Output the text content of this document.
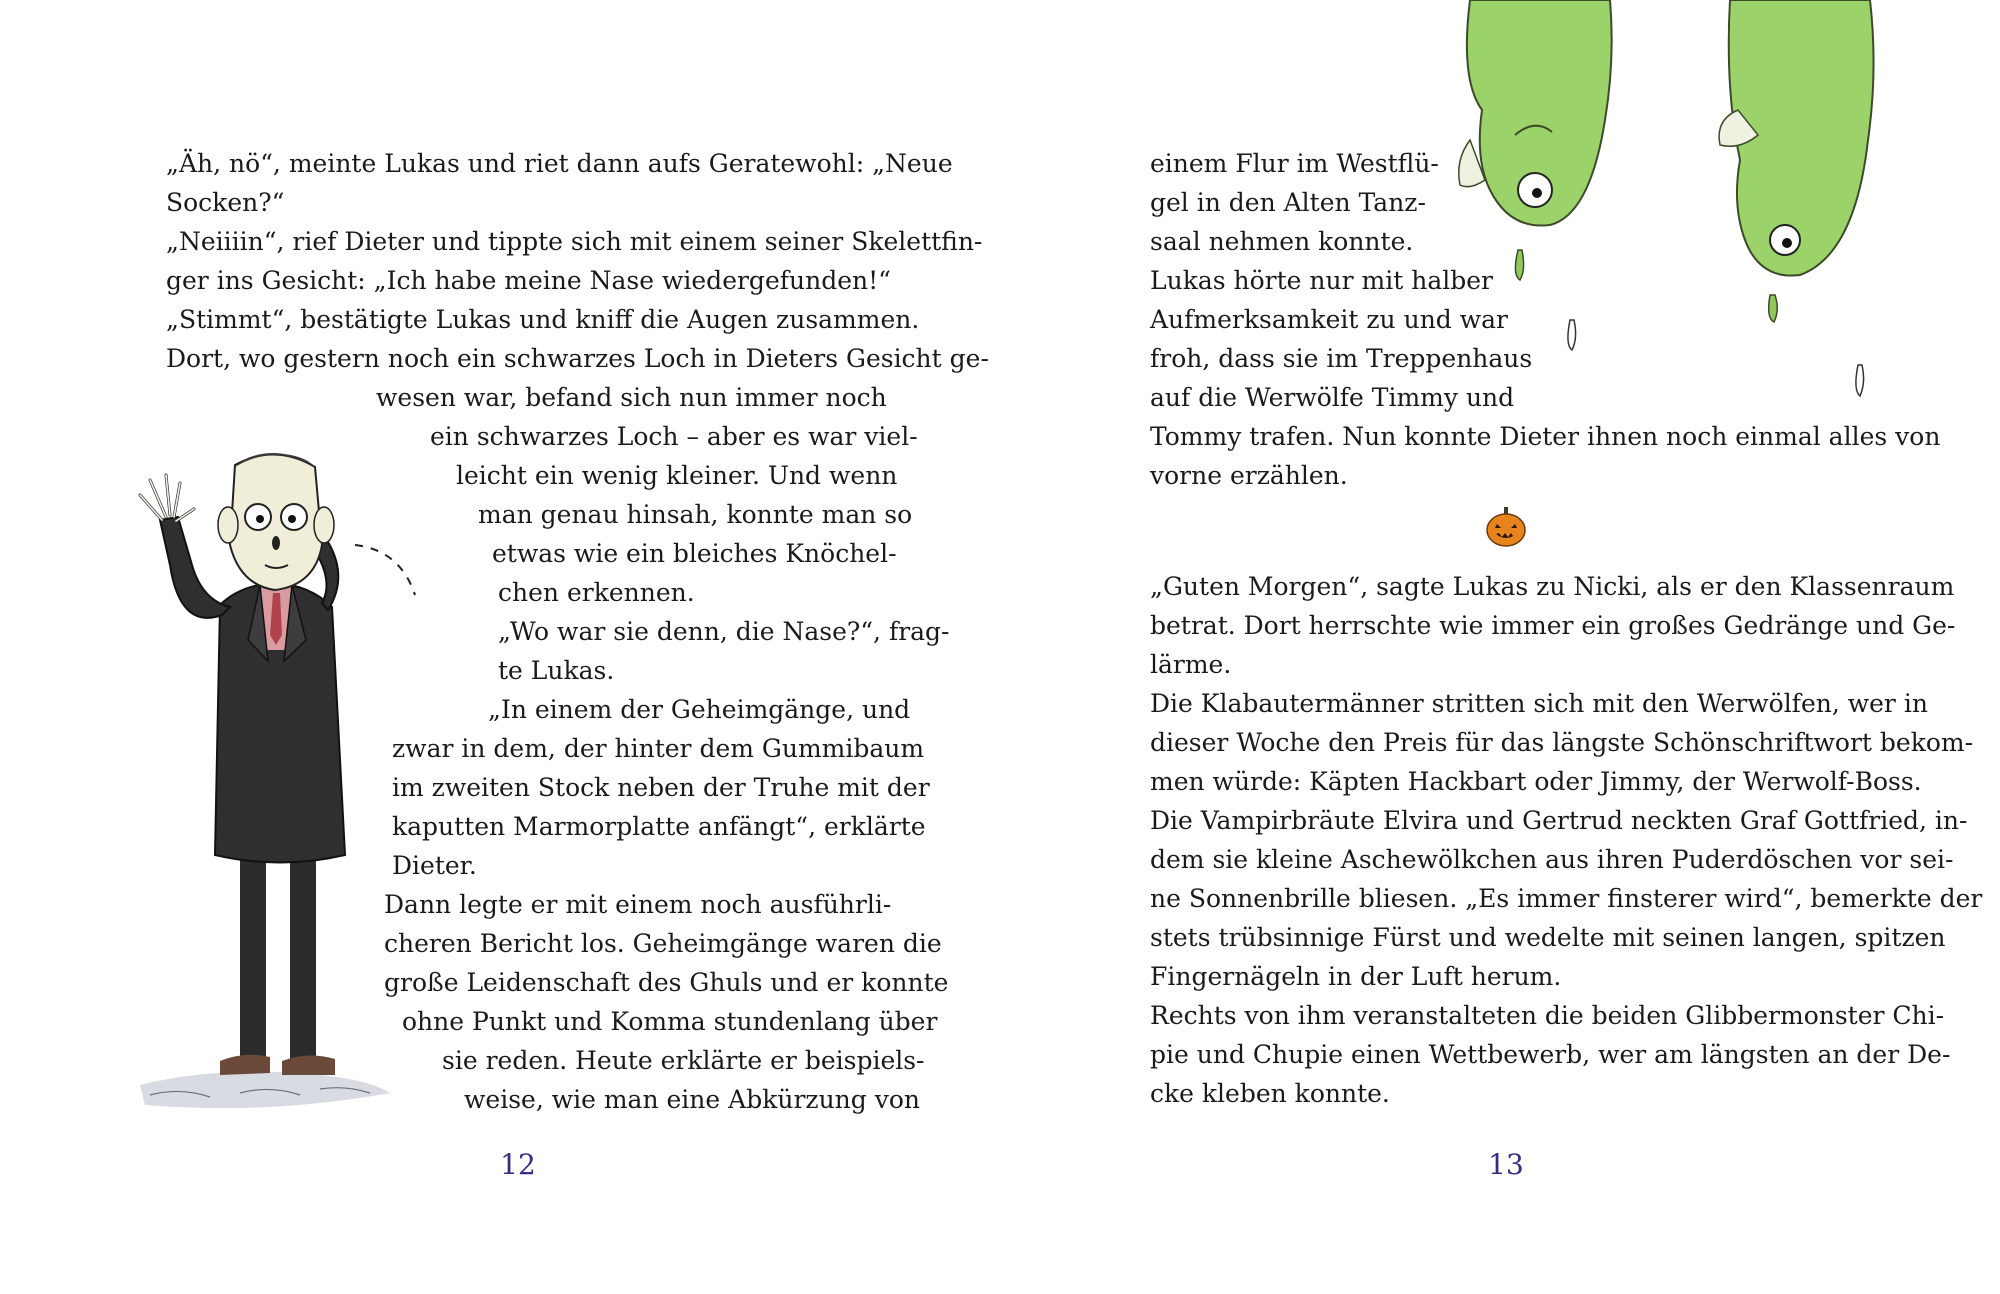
„Äh, nö“, meinte Lukas und riet dann aufs Geratewohl: „Neue
Socken?“
„Neiiiin“, rief Dieter und tippte sich mit einem seiner Skelettfin-
ger ins Gesicht: „Ich habe meine Nase wiedergefunden!“
„Stimmt“, bestätigte Lukas und kniff die Augen zusammen.
Dort, wo gestern noch ein schwarzes Loch in Dieters Gesicht ge-
wesen war, befand sich nun immer noch
ein schwarzes Loch – aber es war viel-
leicht ein wenig kleiner. Und wenn
man genau hinsah, konnte man so
etwas wie ein bleiches Knöchel-
chen erkennen.
„Wo war sie denn, die Nase?“, frag-
te Lukas.
„In einem der Geheimgänge, und
zwar in dem, der hinter dem Gummibaum
im zweiten Stock neben der Truhe mit der
kaputten Marmorplatte anfängt“, erklärte
Dieter.
Dann legte er mit einem noch ausführli-
cheren Bericht los. Geheimgänge waren die
große Leidenschaft des Ghuls und er konnte
ohne Punkt und Komma stundenlang über
sie reden. Heute erklärte er beispiels-
weise, wie man eine Abkürzung von
12
einem Flur im Westflü-
gel in den Alten Tanz-
saal nehmen konnte.
Lukas hörte nur mit halber
Aufmerksamkeit zu und war
froh, dass sie im Treppenhaus
auf die Werwölfe Timmy und
Tommy trafen. Nun konnte Dieter ihnen noch einmal alles von
vorne erzählen.
„Guten Morgen“, sagte Lukas zu Nicki, als er den Klassenraum
betrat. Dort herrschte wie immer ein großes Gedränge und Ge-
lärme.
Die Klabautermänner stritten sich mit den Werwölfen, wer in
dieser Woche den Preis für das längste Schönschriftwort bekom-
men würde: Käpten Hackbart oder Jimmy, der Werwolf-Boss.
Die Vampirbräute Elvira und Gertrud neckten Graf Gottfried, in-
dem sie kleine Aschewölkchen aus ihren Puderdöschen vor sei-
ne Sonnenbrille bliesen. „Es immer finsterer wird“, bemerkte der
stets trübsinnige Fürst und wedelte mit seinen langen, spitzen
Fingernägeln in der Luft herum.
Rechts von ihm veranstalteten die beiden Glibbermonster Chi-
pie und Chupie einen Wettbewerb, wer am längsten an der De-
cke kleben konnte.
13
